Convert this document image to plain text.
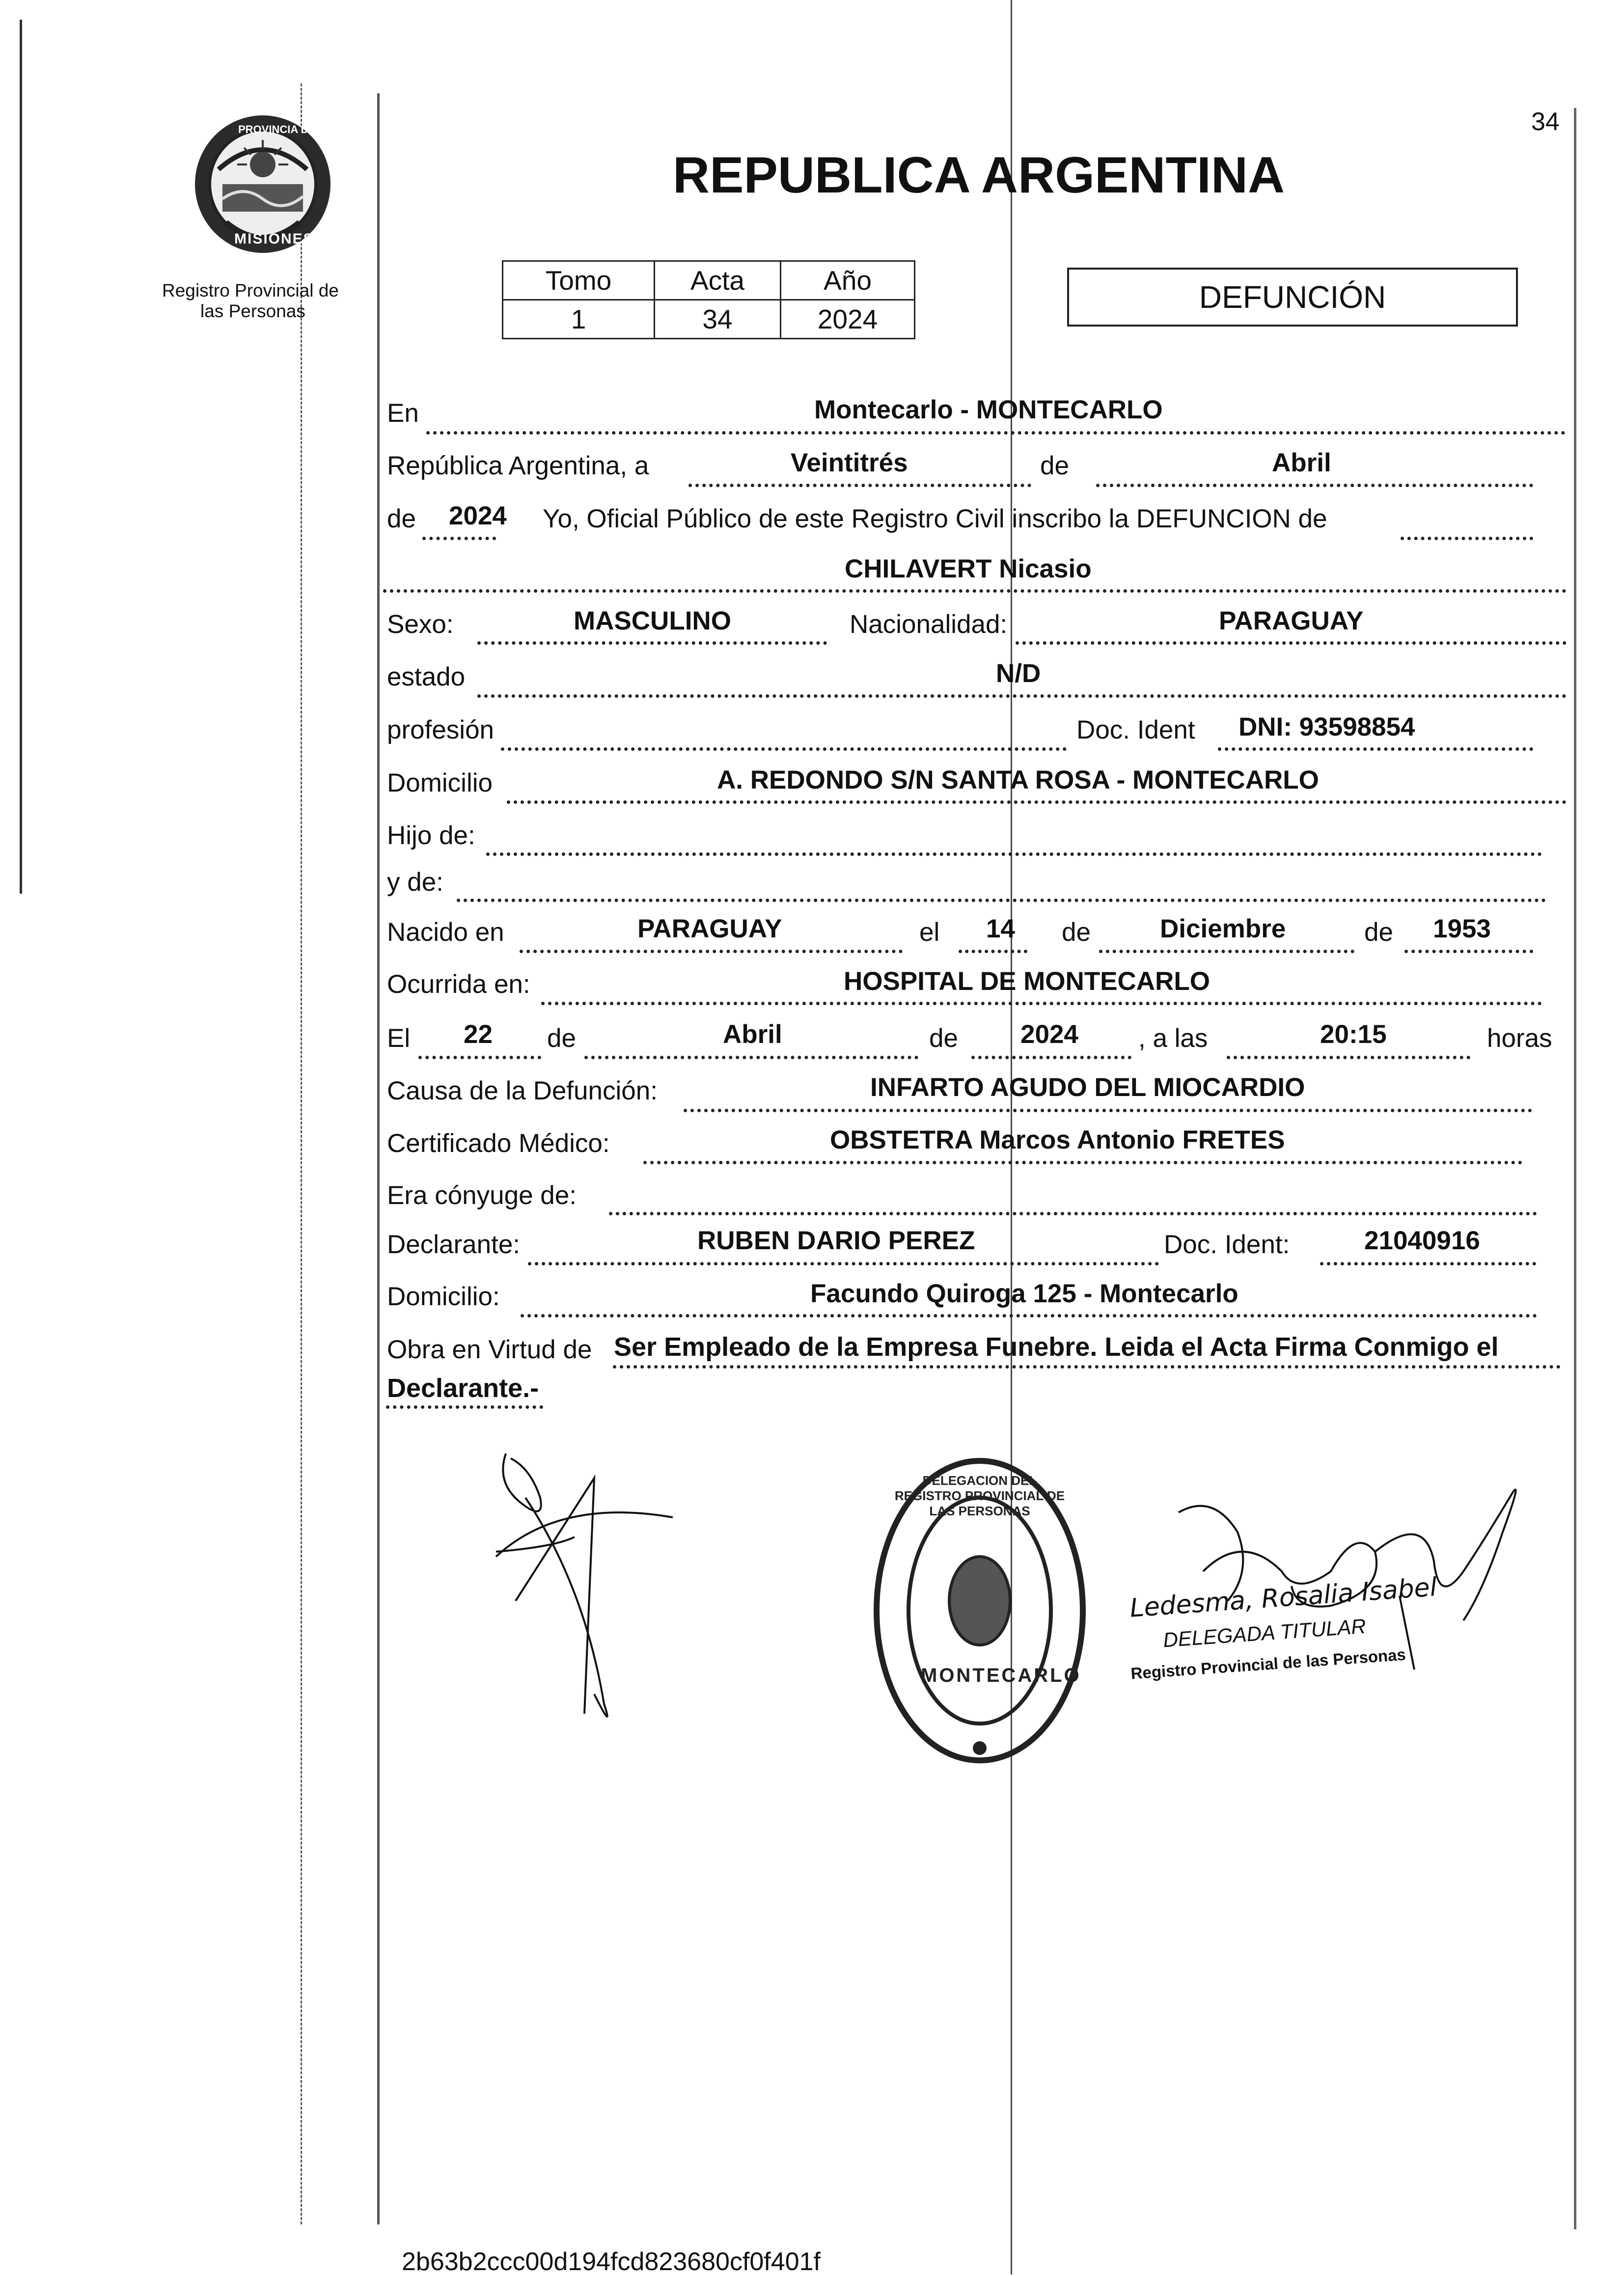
34
PROVINCIA DE
MISIONES
Registro Provincial de
las Personas
REPUBLICA ARGENTINA
Tomo	Acta	Año
1	34	2024
DEFUNCIÓN
En	Montecarlo - MONTECARLO
República Argentina, a	Veintitrés	de	Abril
de 2024 Yo, Oficial Público de este Registro Civil inscribo la DEFUNCION de
CHILAVERT Nicasio
Sexo:	MASCULINO	Nacionalidad:	PARAGUAY
estado	N/D
profesión	Doc. Ident DNI: 93598854
Domicilio	A. REDONDO S/N SANTA ROSA - MONTECARLO
Hijo de:
y de:
Nacido en	PARAGUAY	el 14 de	Diciembre	de 1953
Ocurrida en:	HOSPITAL DE MONTECARLO
El 22 de	Abril	de 2024 , a las	20:15	horas
Causa de la Defunción:	INFARTO AGUDO DEL MIOCARDIO
Certificado Médico:	OBSTETRA Marcos Antonio FRETES
Era cónyuge de:
Declarante:	RUBEN DARIO PEREZ	Doc. Ident:	21040916
Domicilio:	Facundo Quiroga 125 - Montecarlo
Obra en Virtud de Ser Empleado de la Empresa Funebre. Leida el Acta Firma Conmigo el
Declarante.-
DELEGACION DEL REGISTRO PROVINCIAL DE LAS PERSONAS
MONTECARLO
Ledesma, Rosalia Isabel
DELEGADA TITULAR
Registro Provincial de las Personas
2b63b2ccc00d194fcd823680cf0f401f
